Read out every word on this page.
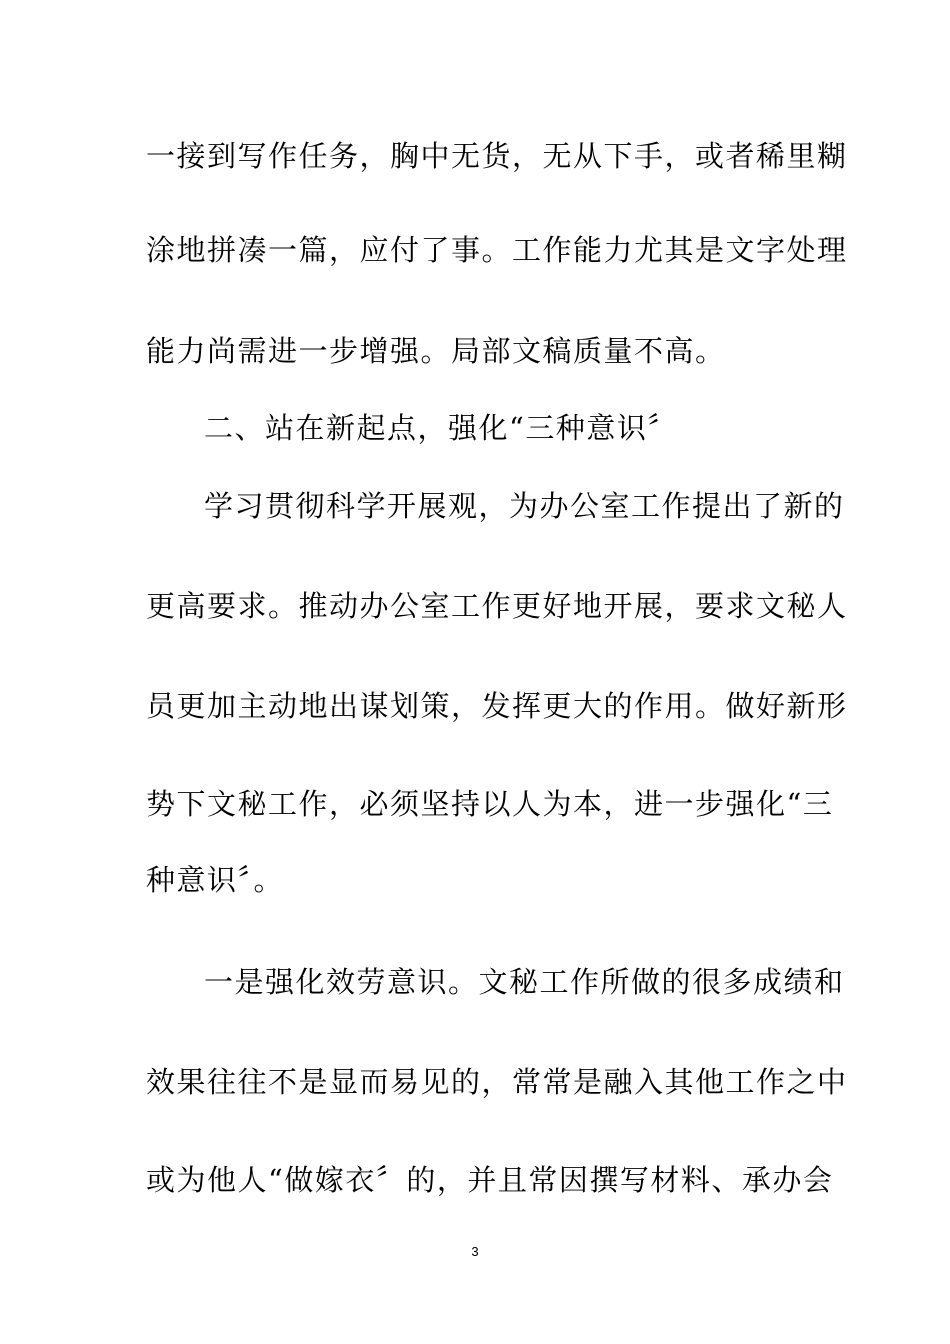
一接到写作任务，胸中无货，无从下手，或者稀里糊
涂地拼凑一篇，应付了事。工作能力尤其是文字处理
能力尚需进一步增强。局部文稿质量不高。
二、站在新起点，强化“三种意识〞
学习贯彻科学开展观，为办公室工作提出了新的
更高要求。推动办公室工作更好地开展，要求文秘人
员更加主动地出谋划策，发挥更大的作用。做好新形
势下文秘工作，必须坚持以人为本，进一步强化“三
种意识〞。
一是强化效劳意识。文秘工作所做的很多成绩和
效果往往不是显而易见的，常常是融入其他工作之中
或为他人“做嫁衣〞的，并且常因撰写材料、承办会
3
